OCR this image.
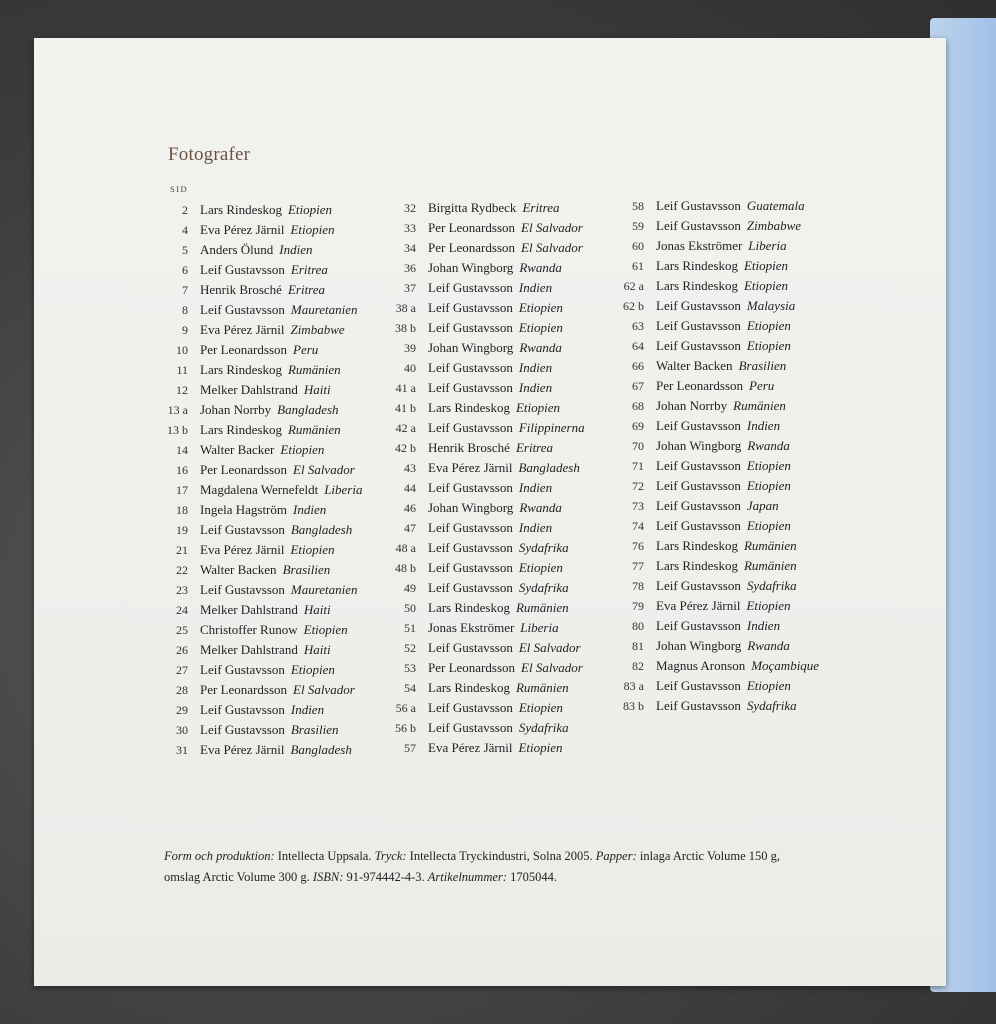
Fotografer
SID
2 Lars Rindeskog Etiopien
4 Eva Pérez Järnil Etiopien
5 Anders Ölund Indien
6 Leif Gustavsson Eritrea
7 Henrik Brosché Eritrea
8 Leif Gustavsson Mauretanien
9 Eva Pérez Järnil Zimbabwe
10 Per Leonardsson Peru
11 Lars Rindeskog Rumänien
12 Melker Dahlstrand Haiti
13 a Johan Norrby Bangladesh
13 b Lars Rindeskog Rumänien
14 Walter Backer Etiopien
16 Per Leonardsson El Salvador
17 Magdalena Wernefeldt Liberia
18 Ingela Hagström Indien
19 Leif Gustavsson Bangladesh
21 Eva Pérez Järnil Etiopien
22 Walter Backen Brasilien
23 Leif Gustavsson Mauretanien
24 Melker Dahlstrand Haiti
25 Christoffer Runow Etiopien
26 Melker Dahlstrand Haiti
27 Leif Gustavsson Etiopien
28 Per Leonardsson El Salvador
29 Leif Gustavsson Indien
30 Leif Gustavsson Brasilien
31 Eva Pérez Järnil Bangladesh
32 Birgitta Rydbeck Eritrea
33 Per Leonardsson El Salvador
34 Per Leonardsson El Salvador
36 Johan Wingborg Rwanda
37 Leif Gustavsson Indien
38 a Leif Gustavsson Etiopien
38 b Leif Gustavsson Etiopien
39 Johan Wingborg Rwanda
40 Leif Gustavsson Indien
41 a Leif Gustavsson Indien
41 b Lars Rindeskog Etiopien
42 a Leif Gustavsson Filippinerna
42 b Henrik Brosché Eritrea
43 Eva Pérez Järnil Bangladesh
44 Leif Gustavsson Indien
46 Johan Wingborg Rwanda
47 Leif Gustavsson Indien
48 a Leif Gustavsson Sydafrika
48 b Leif Gustavsson Etiopien
49 Leif Gustavsson Sydafrika
50 Lars Rindeskog Rumänien
51 Jonas Ekströmer Liberia
52 Leif Gustavsson El Salvador
53 Per Leonardsson El Salvador
54 Lars Rindeskog Rumänien
56 a Leif Gustavsson Etiopien
56 b Leif Gustavsson Sydafrika
57 Eva Pérez Järnil Etiopien
58 Leif Gustavsson Guatemala
59 Leif Gustavsson Zimbabwe
60 Jonas Ekströmer Liberia
61 Lars Rindeskog Etiopien
62 a Lars Rindeskog Etiopien
62 b Leif Gustavsson Malaysia
63 Leif Gustavsson Etiopien
64 Leif Gustavsson Etiopien
66 Walter Backen Brasilien
67 Per Leonardsson Peru
68 Johan Norrby Rumänien
69 Leif Gustavsson Indien
70 Johan Wingborg Rwanda
71 Leif Gustavsson Etiopien
72 Leif Gustavsson Etiopien
73 Leif Gustavsson Japan
74 Leif Gustavsson Etiopien
76 Lars Rindeskog Rumänien
77 Lars Rindeskog Rumänien
78 Leif Gustavsson Sydafrika
79 Eva Pérez Järnil Etiopien
80 Leif Gustavsson Indien
81 Johan Wingborg Rwanda
82 Magnus Aronson Moçambique
83 a Leif Gustavsson Etiopien
83 b Leif Gustavsson Sydafrika
Form och produktion: Intellecta Uppsala. Tryck: Intellecta Tryckindustri, Solna 2005. Papper: inlaga Arctic Volume 150 g,
omslag Arctic Volume 300 g. ISBN: 91-974442-4-3. Artikelnummer: 1705044.
